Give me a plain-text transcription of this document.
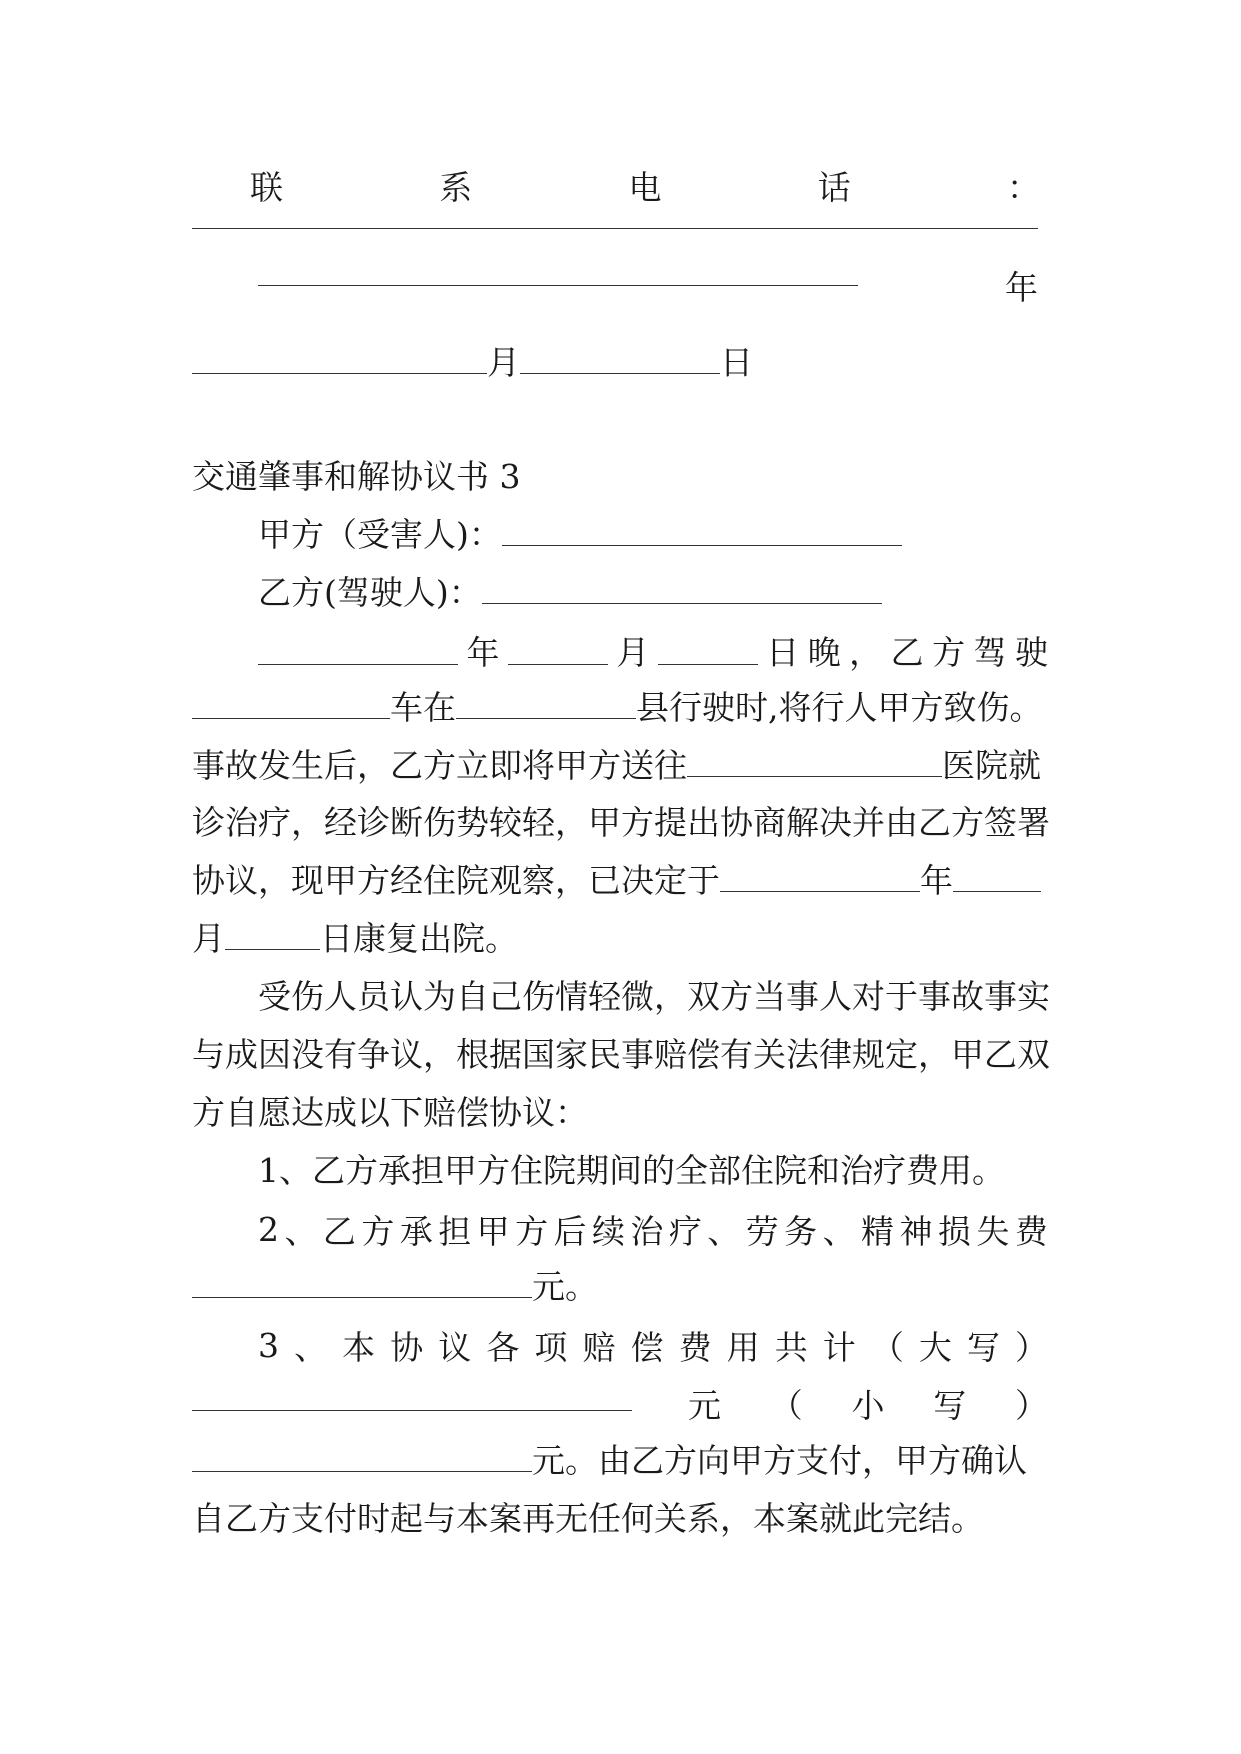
联	系	电	话	：
年
月	日
交通肇事和解协议书 3
甲方（受害人)：
乙方(驾驶人)：
年	月	日 晚 ， 乙 方 驾 驶
车在	县行驶时,将行人甲方致伤。
事故发生后，乙方立即将甲方送往	医院就
诊治疗，经诊断伤势较轻，甲方提出协商解决并由乙方签署
协议，现甲方经住院观察，已决定于	年
月	日康复出院。
受伤人员认为自己伤情轻微，双方当事人对于事故事实
与成因没有争议，根据国家民事赔偿有关法律规定，甲乙双
方自愿达成以下赔偿协议：
1、乙方承担甲方住院期间的全部住院和治疗费用。
2 、 乙 方 承 担 甲 方 后 续 治 疗 、 劳 务 、 精 神 损 失 费
元。
3 、 本 协 议 各 项 赔 偿 费 用 共 计 （ 大 写 ）
元 （ 小 写 ）
元。由乙方向甲方支付，甲方确认
自乙方支付时起与本案再无任何关系，本案就此完结。
